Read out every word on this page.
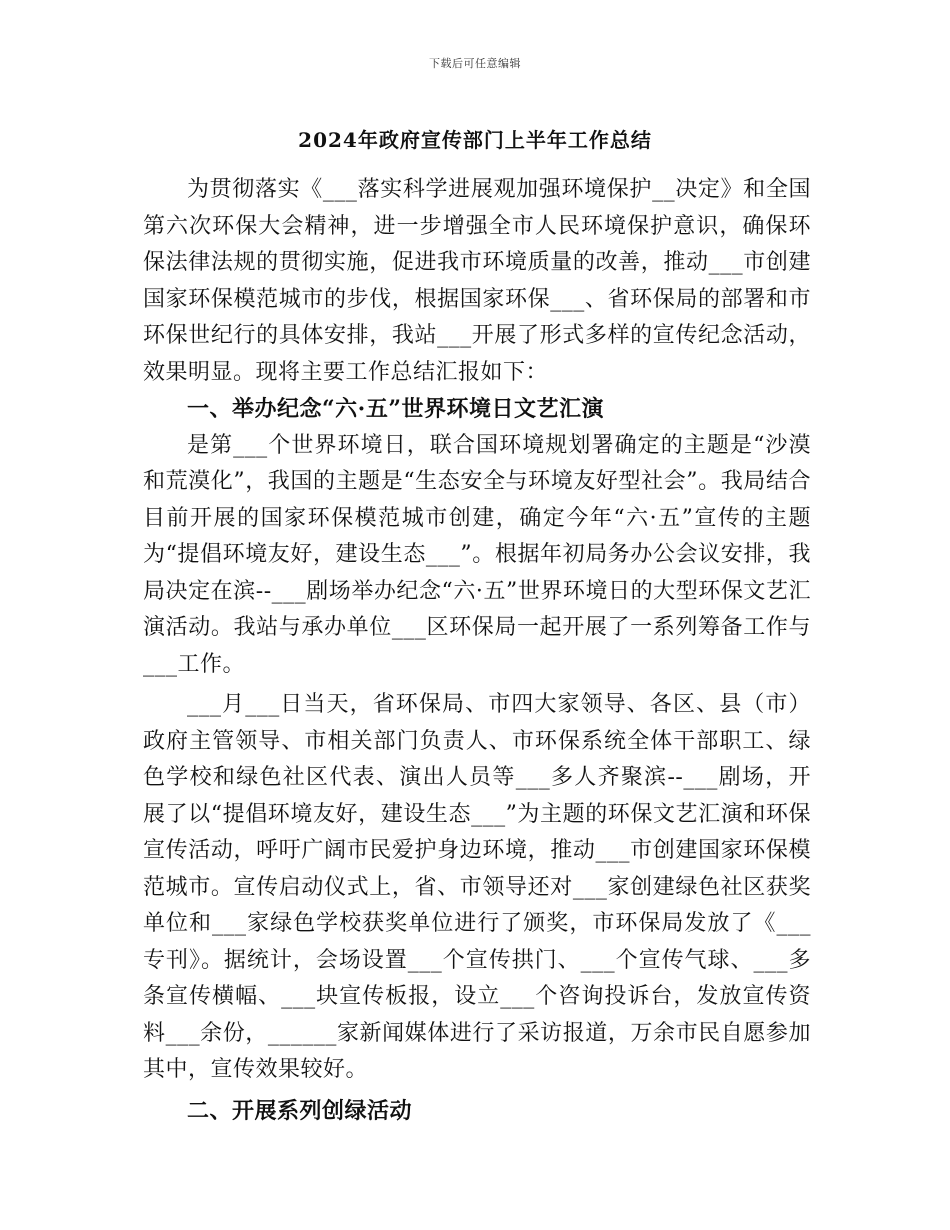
下载后可任意编辑
2024年政府宣传部门上半年工作总结

为贯彻落实《___落实科学进展观加强环境保护__决定》和全国第六次环保大会精神，进一步增强全市人民环境保护意识，确保环保法律法规的贯彻实施，促进我市环境质量的改善，推动___市创建国家环保模范城市的步伐，根据国家环保___、省环保局的部署和市环保世纪行的具体安排，我站___开展了形式多样的宣传纪念活动，效果明显。现将主要工作总结汇报如下：

一、举办纪念“六·五”世界环境日文艺汇演

是第___个世界环境日，联合国环境规划署确定的主题是“沙漠和荒漠化”，我国的主题是“生态安全与环境友好型社会”。我局结合目前开展的国家环保模范城市创建，确定今年“六·五”宣传的主题为“提倡环境友好，建设生态___”。根据年初局务办公会议安排，我局决定在滨--___剧场举办纪念“六·五”世界环境日的大型环保文艺汇演活动。我站与承办单位___区环保局一起开展了一系列筹备工作与___工作。

___月___日当天，省环保局、市四大家领导、各区、县（市）政府主管领导、市相关部门负责人、市环保系统全体干部职工、绿色学校和绿色社区代表、演出人员等___多人齐聚滨--___剧场，开展了以“提倡环境友好，建设生态___”为主题的环保文艺汇演和环保宣传活动，呼吁广阔市民爱护身边环境，推动___市创建国家环保模范城市。宣传启动仪式上，省、市领导还对___家创建绿色社区获奖单位和___家绿色学校获奖单位进行了颁奖，市环保局发放了《___专刊》。据统计，会场设置___个宣传拱门、___个宣传气球、___多条宣传横幅、___块宣传板报，设立___个咨询投诉台，发放宣传资料___余份，______家新闻媒体进行了采访报道，万余市民自愿参加其中，宣传效果较好。

二、开展系列创绿活动
